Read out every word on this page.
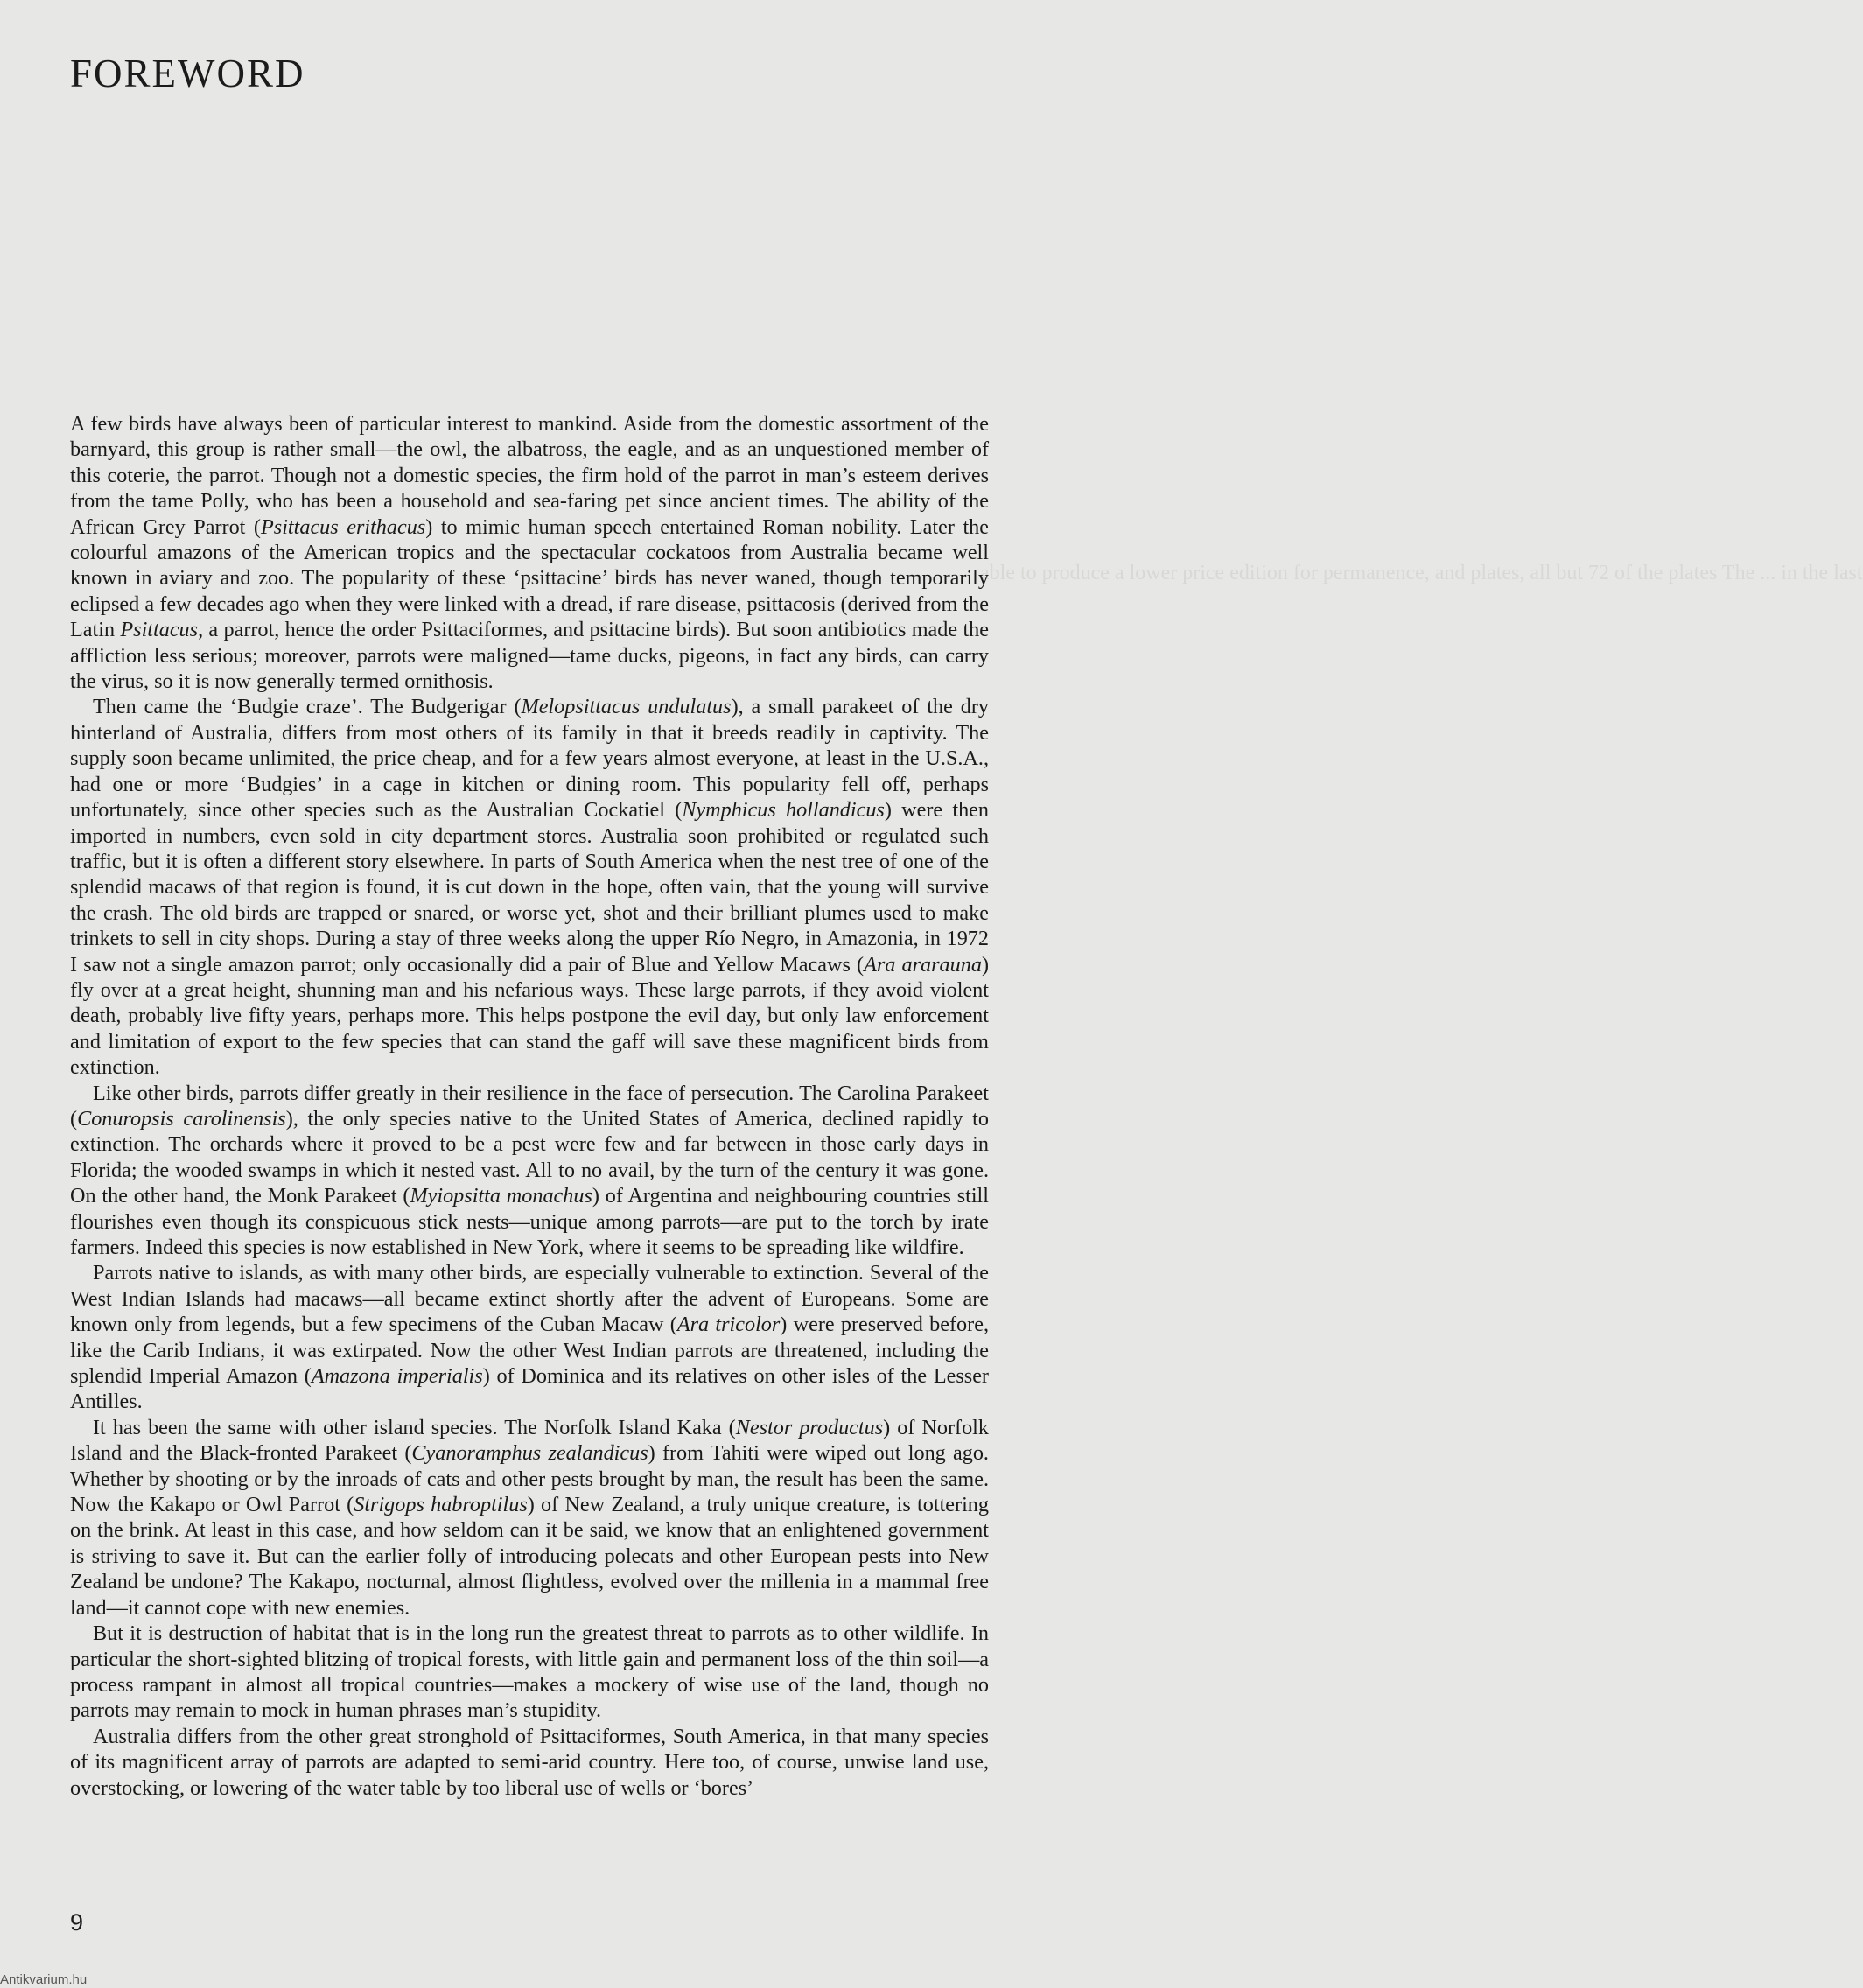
able to produce a lower price edition for permanence, and plates, all but 72 of the plates The ... in the last
FOREWORD

A few birds have always been of particular interest to mankind. Aside from the domestic assortment of the barnyard, this group is rather small—the owl, the albatross, the eagle, and as an unquestioned member of this coterie, the parrot. Though not a domestic species, the firm hold of the parrot in man’s esteem derives from the tame Polly, who has been a household and sea-faring pet since ancient times. The ability of the African Grey Parrot (Psittacus erithacus) to mimic human speech entertained Roman nobility. Later the colourful amazons of the American tropics and the spectacular cockatoos from Australia became well known in aviary and zoo. The popularity of these ‘psittacine’ birds has never waned, though temporarily eclipsed a few decades ago when they were linked with a dread, if rare disease, psittacosis (derived from the Latin Psittacus, a parrot, hence the order Psittaciformes, and psittacine birds). But soon antibiotics made the affliction less serious; moreover, parrots were maligned—tame ducks, pigeons, in fact any birds, can carry the virus, so it is now generally termed ornithosis.

Then came the ‘Budgie craze’. The Budgerigar (Melopsittacus undulatus), a small parakeet of the dry hinterland of Australia, differs from most others of its family in that it breeds readily in captivity. The supply soon became unlimited, the price cheap, and for a few years almost everyone, at least in the U.S.A., had one or more ‘Budgies’ in a cage in kitchen or dining room. This popularity fell off, perhaps unfortunately, since other species such as the Australian Cockatiel (Nymphicus hollandicus) were then imported in numbers, even sold in city department stores. Australia soon prohibited or regulated such traffic, but it is often a different story elsewhere. In parts of South America when the nest tree of one of the splendid macaws of that region is found, it is cut down in the hope, often vain, that the young will survive the crash. The old birds are trapped or snared, or worse yet, shot and their brilliant plumes used to make trinkets to sell in city shops. During a stay of three weeks along the upper Río Negro, in Amazonia, in 1972 I saw not a single amazon parrot; only occasionally did a pair of Blue and Yellow Macaws (Ara ararauna) fly over at a great height, shunning man and his nefarious ways. These large parrots, if they avoid violent death, probably live fifty years, perhaps more. This helps postpone the evil day, but only law enforcement and limitation of export to the few species that can stand the gaff will save these magnificent birds from extinction.

Like other birds, parrots differ greatly in their resilience in the face of persecution. The Carolina Parakeet (Conuropsis carolinensis), the only species native to the United States of America, declined rapidly to extinction. The orchards where it proved to be a pest were few and far between in those early days in Florida; the wooded swamps in which it nested vast. All to no avail, by the turn of the century it was gone. On the other hand, the Monk Parakeet (Myiopsitta monachus) of Argentina and neighbouring countries still flourishes even though its conspicuous stick nests—unique among parrots—are put to the torch by irate farmers. Indeed this species is now established in New York, where it seems to be spreading like wildfire.

Parrots native to islands, as with many other birds, are especially vulnerable to extinction. Several of the West Indian Islands had macaws—all became extinct shortly after the advent of Europeans. Some are known only from legends, but a few specimens of the Cuban Macaw (Ara tricolor) were preserved before, like the Carib Indians, it was extirpated. Now the other West Indian parrots are threatened, including the splendid Imperial Amazon (Amazona imperialis) of Dominica and its relatives on other isles of the Lesser Antilles.

It has been the same with other island species. The Norfolk Island Kaka (Nestor productus) of Norfolk Island and the Black-fronted Parakeet (Cyanoramphus zealandicus) from Tahiti were wiped out long ago. Whether by shooting or by the inroads of cats and other pests brought by man, the result has been the same. Now the Kakapo or Owl Parrot (Strigops habroptilus) of New Zealand, a truly unique creature, is tottering on the brink. At least in this case, and how seldom can it be said, we know that an enlightened government is striving to save it. But can the earlier folly of introducing polecats and other European pests into New Zealand be undone? The Kakapo, nocturnal, almost flightless, evolved over the millenia in a mammal free land—it cannot cope with new enemies.

But it is destruction of habitat that is in the long run the greatest threat to parrots as to other wildlife. In particular the short-sighted blitzing of tropical forests, with little gain and permanent loss of the thin soil—a process rampant in almost all tropical countries—makes a mockery of wise use of the land, though no parrots may remain to mock in human phrases man’s stupidity.

Australia differs from the other great stronghold of Psittaciformes, South America, in that many species of its magnificent array of parrots are adapted to semi-arid country. Here too, of course, unwise land use, overstocking, or lowering of the water table by too liberal use of wells or ‘bores’

9
Antikvarium.hu
